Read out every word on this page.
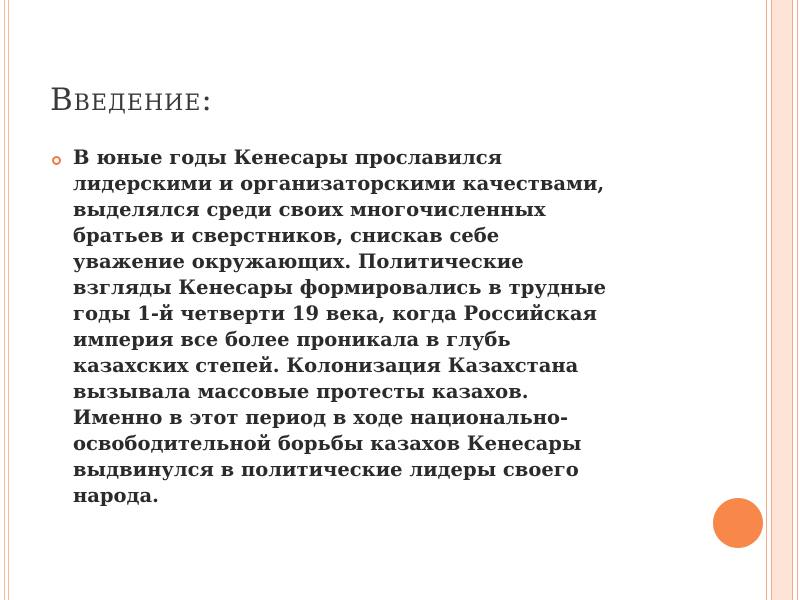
Введение:
В юные годы Кенесары прославился
лидерскими и организаторскими качествами,
выделялся среди своих многочисленных
братьев и сверстников, снискав себе
уважение окружающих. Политические
взгляды Кенесары формировались в трудные
годы 1-й четверти 19 века, когда Российская
империя все более проникала в глубь
казахских степей. Колонизация Казахстана
вызывала массовые протесты казахов.
Именно в этот период в ходе национально-
освободительной борьбы казахов Кенесары
выдвинулся в политические лидеры своего
народа.
